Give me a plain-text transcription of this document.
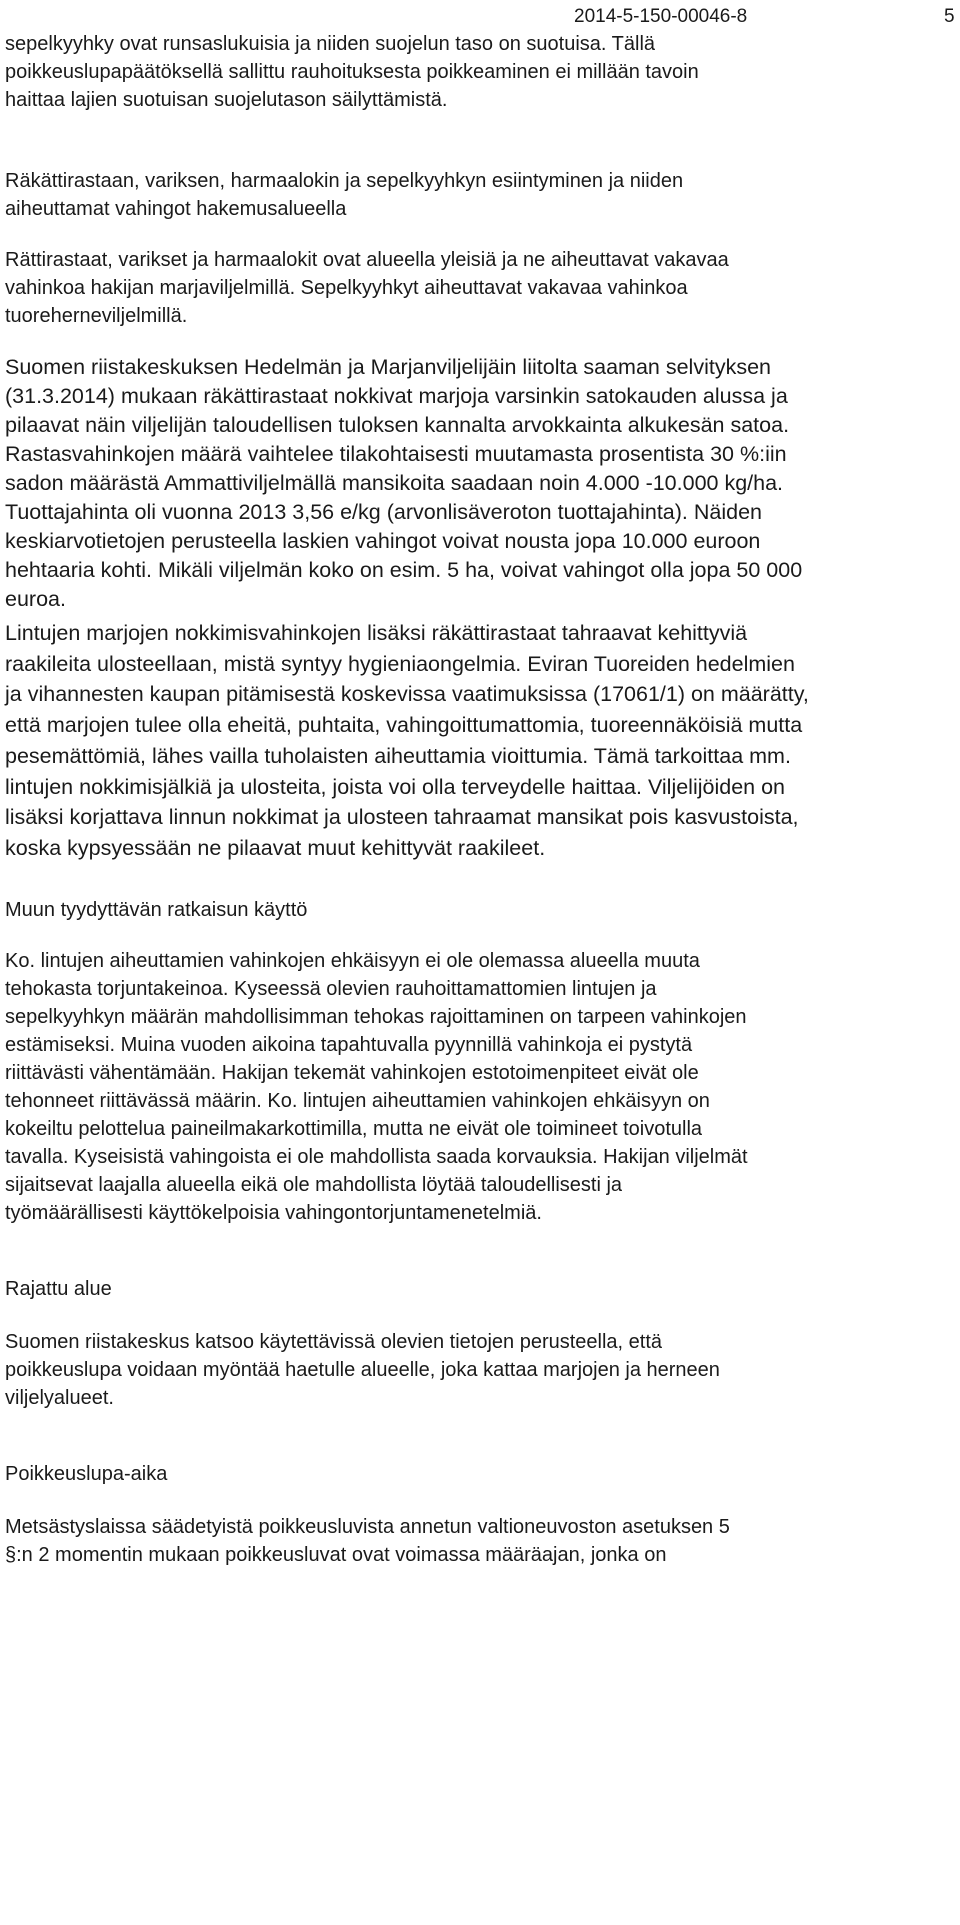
2014-5-150-00046-8	5
sepelkyyhky ovat runsaslukuisia ja niiden suojelun taso on suotuisa. Tällä
poikkeuslupapäätöksellä sallittu rauhoituksesta poikkeaminen ei millään tavoin
haittaa lajien suotuisan suojelutason säilyttämistä.
Räkättirastaan, variksen, harmaalokin ja sepelkyyhkyn esiintyminen ja niiden
aiheuttamat vahingot hakemusalueella
Rättirastaat, varikset ja harmaalokit ovat alueella yleisiä ja ne aiheuttavat vakavaa
vahinkoa hakijan marjaviljelmillä. Sepelkyyhkyt aiheuttavat vakavaa vahinkoa
tuoreherneviljelmillä.
Suomen riistakeskuksen Hedelmän ja Marjanviljelijäin liitolta saaman selvityksen
(31.3.2014) mukaan räkättirastaat nokkivat marjoja varsinkin satokauden alussa ja
pilaavat näin viljelijän taloudellisen tuloksen kannalta arvokkainta alkukesän satoa.
Rastasvahinkojen määrä vaihtelee tilakohtaisesti muutamasta prosentista 30 %:iin
sadon määrästä Ammattiviljelmällä mansikoita saadaan noin 4.000 -10.000 kg/ha.
Tuottajahinta oli vuonna 2013 3,56 e/kg (arvonlisäveroton tuottajahinta). Näiden
keskiarvotietojen perusteella laskien vahingot voivat nousta jopa 10.000 euroon
hehtaaria kohti. Mikäli viljelmän koko on esim. 5 ha, voivat vahingot olla jopa 50 000
euroa.
Lintujen marjojen nokkimisvahinkojen lisäksi räkättirastaat tahraavat kehittyviä
raakileita ulosteellaan, mistä syntyy hygieniaongelmia. Eviran Tuoreiden hedelmien
ja vihannesten kaupan pitämisestä koskevissa vaatimuksissa (17061/1) on määrätty,
että marjojen tulee olla eheitä, puhtaita, vahingoittumattomia, tuoreennäköisiä mutta
pesemättömiä, lähes vailla tuholaisten aiheuttamia vioittumia. Tämä tarkoittaa mm.
lintujen nokkimisjälkiä ja ulosteita, joista voi olla terveydelle haittaa. Viljelijöiden on
lisäksi korjattava linnun nokkimat ja ulosteen tahraamat mansikat pois kasvustoista,
koska kypsyessään ne pilaavat muut kehittyvät raakileet.
Muun tyydyttävän ratkaisun käyttö
Ko. lintujen aiheuttamien vahinkojen ehkäisyyn ei ole olemassa alueella muuta
tehokasta torjuntakeinoa. Kyseessä olevien rauhoittamattomien lintujen ja
sepelkyyhkyn määrän mahdollisimman tehokas rajoittaminen on tarpeen vahinkojen
estämiseksi. Muina vuoden aikoina tapahtuvalla pyynnillä vahinkoja ei pystytä
riittävästi vähentämään. Hakijan tekemät vahinkojen estotoimenpiteet eivät ole
tehonneet riittävässä määrin. Ko. lintujen aiheuttamien vahinkojen ehkäisyyn on
kokeiltu pelottelua paineilmakarkottimilla, mutta ne eivät ole toimineet toivotulla
tavalla. Kyseisistä vahingoista ei ole mahdollista saada korvauksia. Hakijan viljelmät
sijaitsevat laajalla alueella eikä ole mahdollista löytää taloudellisesti ja
työmäärällisesti käyttökelpoisia vahingontorjuntamenetelmiä.
Rajattu alue
Suomen riistakeskus katsoo käytettävissä olevien tietojen perusteella, että
poikkeuslupa voidaan myöntää haetulle alueelle, joka kattaa marjojen ja herneen
viljelyalueet.
Poikkeuslupa-aika
Metsästyslaissa säädetyistä poikkeusluvista annetun valtioneuvoston asetuksen 5
§:n 2 momentin mukaan poikkeusluvat ovat voimassa määräajan, jonka on
